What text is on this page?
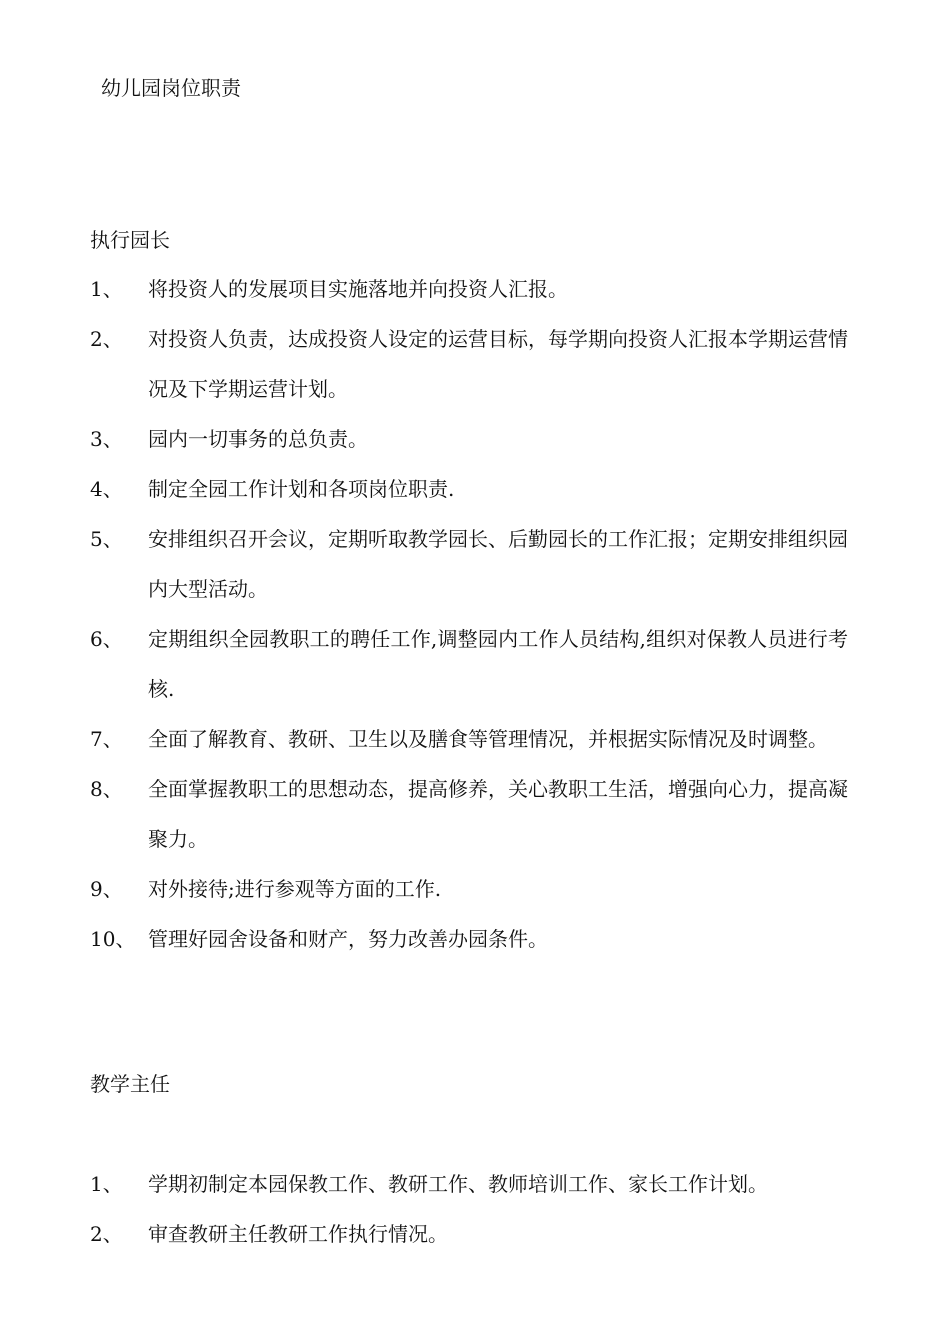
幼儿园岗位职责
执行园长
1、 将投资人的发展项目实施落地并向投资人汇报。
2、 对投资人负责，达成投资人设定的运营目标，每学期向投资人汇报本学期运营情况及下学期运营计划。
3、 园内一切事务的总负责。
4、 制定全园工作计划和各项岗位职责.
5、 安排组织召开会议，定期听取教学园长、后勤园长的工作汇报；定期安排组织园内大型活动。
6、 定期组织全园教职工的聘任工作,调整园内工作人员结构,组织对保教人员进行考核.
7、 全面了解教育、教研、卫生以及膳食等管理情况，并根据实际情况及时调整。
8、 全面掌握教职工的思想动态，提高修养，关心教职工生活，增强向心力，提高凝聚力。
9、 对外接待;进行参观等方面的工作.
10、 管理好园舍设备和财产，努力改善办园条件。
教学主任
1、 学期初制定本园保教工作、教研工作、教师培训工作、家长工作计划。
2、 审查教研主任教研工作执行情况。
